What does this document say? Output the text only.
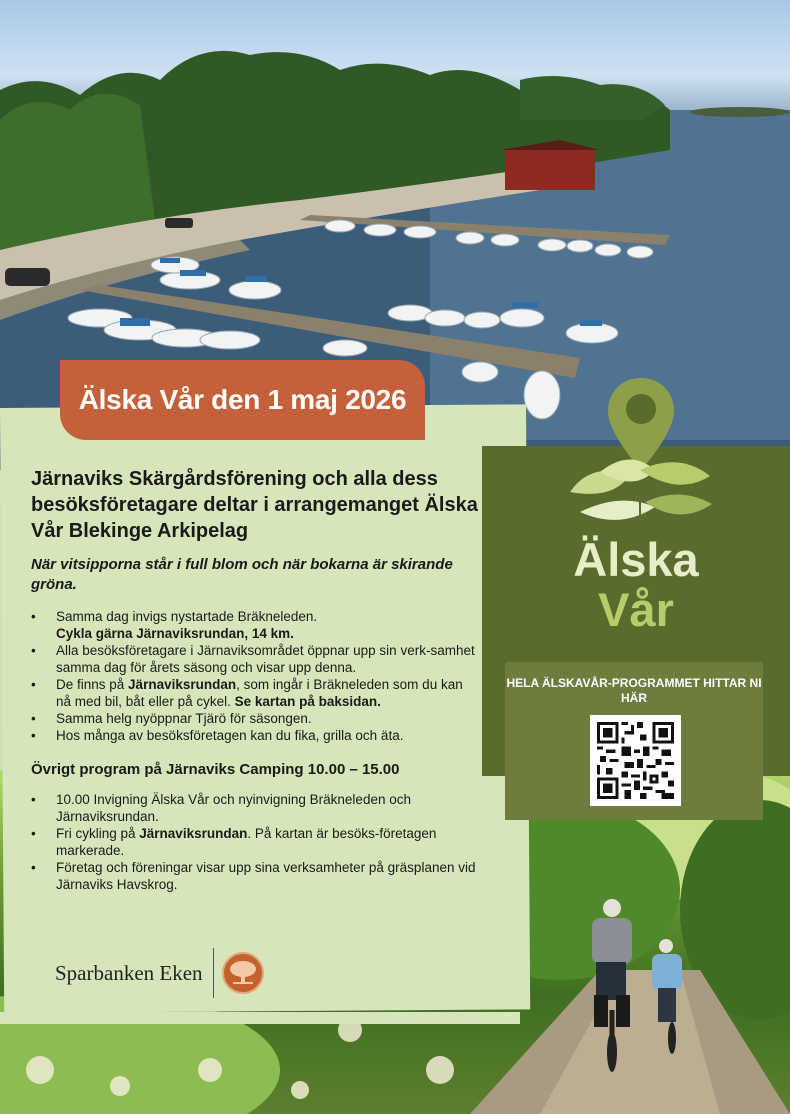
Älska
Vår
HELA ÄLSKAVÅR-PROGRAMMET HITTAR NI HÄR
Älska Vår den 1 maj 2026
Järnaviks Skärgårdsförening och alla dess besöksföretagare deltar i arrangemanget Älska Vår Blekinge Arkipelag
När vitsipporna står i full blom och när bokarna är skirande gröna.
• Samma dag invigs nystartade Bräkneleden.
Cykla gärna Järnaviksrundan, 14 km.
• Alla besöksföretagare i Järnaviksområdet öppnar upp sin verk-samhet samma dag för årets säsong och visar upp denna.
• De finns på Järnaviksrundan, som ingår i Bräkneleden som du kan nå med bil, båt eller på cykel. Se kartan på baksidan.
• Samma helg nyöppnar Tjärö för säsongen.
• Hos många av besöksföretagen kan du fika, grilla och äta.
Övrigt program på Järnaviks Camping 10.00 – 15.00
• 10.00 Invigning Älska Vår och nyinvigning Bräkneleden och Järnaviksrundan.
• Fri cykling på Järnaviksrundan. På kartan är besöks-företagen markerade.
• Företag och föreningar visar upp sina verksamheter på gräsplanen vid Järnaviks Havskrog.
Sparbanken Eken
